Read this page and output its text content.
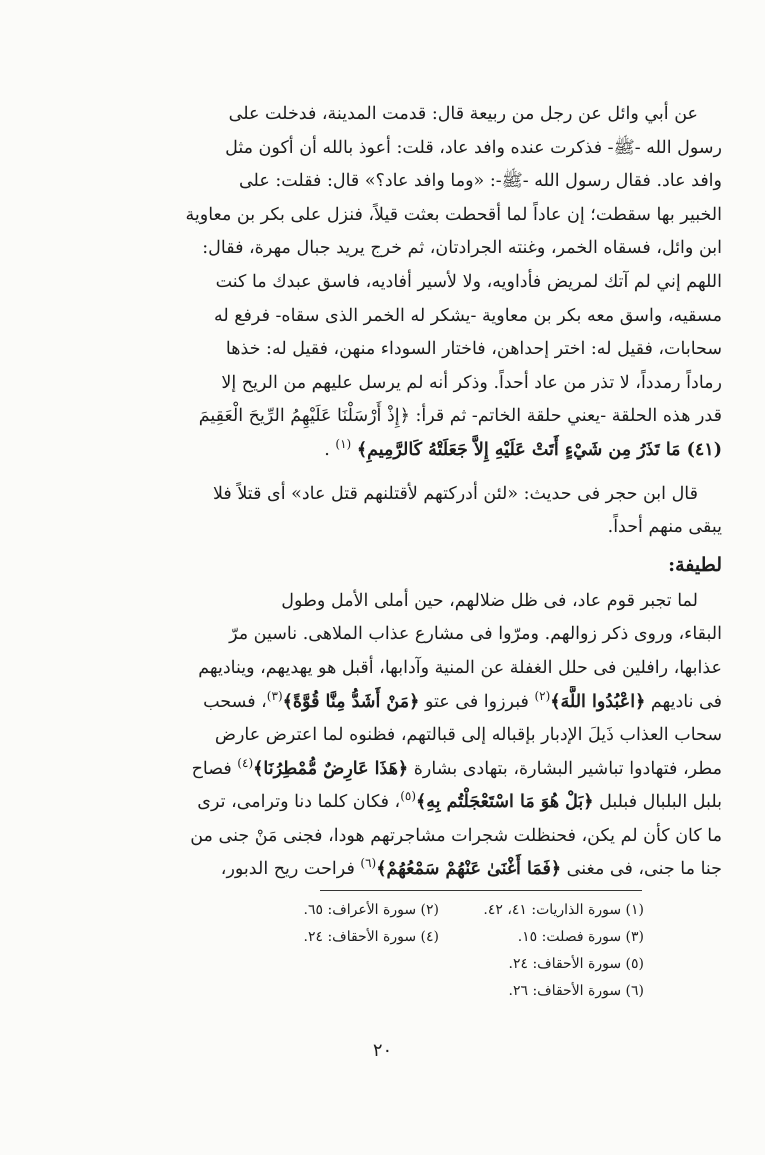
عن أبي وائل عن رجل من ربيعة قال: قدمت المدينة، فدخلت على
رسول الله -ﷺ- فذكرت عنده وافد عاد، قلت: أعوذ بالله أن أكون مثل
وافد عاد. فقال رسول الله -ﷺ-: «وما وافد عاد؟» قال: فقلت: على
الخبير بها سقطت؛ إن عاداً لما أقحطت بعثت قيلاً، فنزل على بكر بن معاوية
ابن وائل، فسقاه الخمر، وغنته الجرادتان، ثم خرج يريد جبال مهرة، فقال:
اللهم إني لم آتك لمريض فأداويه، ولا لأسير أفاديه، فاسق عبدك ما كنت
مسقيه، واسق معه بكر بن معاوية -يشكر له الخمر الذى سقاه- فرفع له
سحابات، فقيل له: اختر إحداهن، فاختار السوداء منهن، فقيل له: خذها
رماداً رمدداً، لا تذر من عاد أحداً. وذكر أنه لم يرسل عليهم من الريح إلا
قدر هذه الحلقة -يعني حلقة الخاتم- ثم قرأ: ﴿إِذْ أَرْسَلْنَا عَلَيْهِمُ الرِّيحَ الْعَقِيمَ
(٤١) مَا تَذَرُ مِن شَيْءٍ أَتَتْ عَلَيْهِ إِلاَّ جَعَلَتْهُ كَالرَّمِيمِ﴾ $^{(١)}$ .
قال ابن حجر فى حديث: «لئن أدركتهم لأقتلنهم قتل عاد» أى قتلاً فلا
يبقى منهم أحداً.
لطيفة:
لما تجبر قوم عاد، فى ظل ضلالهم، حين أملى الأمل وطول
البقاء، وروى ذكر زوالهم. ومرّوا فى مشارع عذاب الملاهى. ناسين مرّ
عذابها، رافلين فى حلل الغفلة عن المنية وآدابها، أقبل هو يهديهم، ويناديهم
فى ناديهم ﴿اعْبُدُوا اللَّهَ﴾$^{(٢)}$ فبرزوا فى عتو ﴿مَنْ أَشَدُّ مِنَّا قُوَّةً﴾$^{(٣)}$، فسحب
سحاب العذاب ذَيلَ الإدبار بإقباله إلى قبالتهم، فظنوه لما اعترض عارض
مطر، فتهادوا تباشير البشارة، بتهادى بشارة ﴿هَذَا عَارِضٌ مُّمْطِرُنَا﴾$^{(٤)}$ فصاح
بلبل البلبال فبلبل ﴿بَلْ هُوَ مَا اسْتَعْجَلْتُم بِهِ﴾$^{(٥)}$، فكان كلما دنا وترامى، ترى
ما كان كأن لم يكن، فحنظلت شجرات مشاجرتهم هودا، فجنى مَنْ جنى من
جنا ما جنى، فى مغنى ﴿فَمَا أَغْنَىٰ عَنْهُمْ سَمْعُهُمْ﴾$^{(٦)}$ فراحت ريح الدبور،
(١) سورة الذاريات: ٤١، ٤٢.
(٢) سورة الأعراف: ٦٥.
(٣) سورة فصلت: ١٥.
(٤) سورة الأحقاف: ٢٤.
(٥) سورة الأحقاف: ٢٤.
(٦) سورة الأحقاف: ٢٦.
٢٠
